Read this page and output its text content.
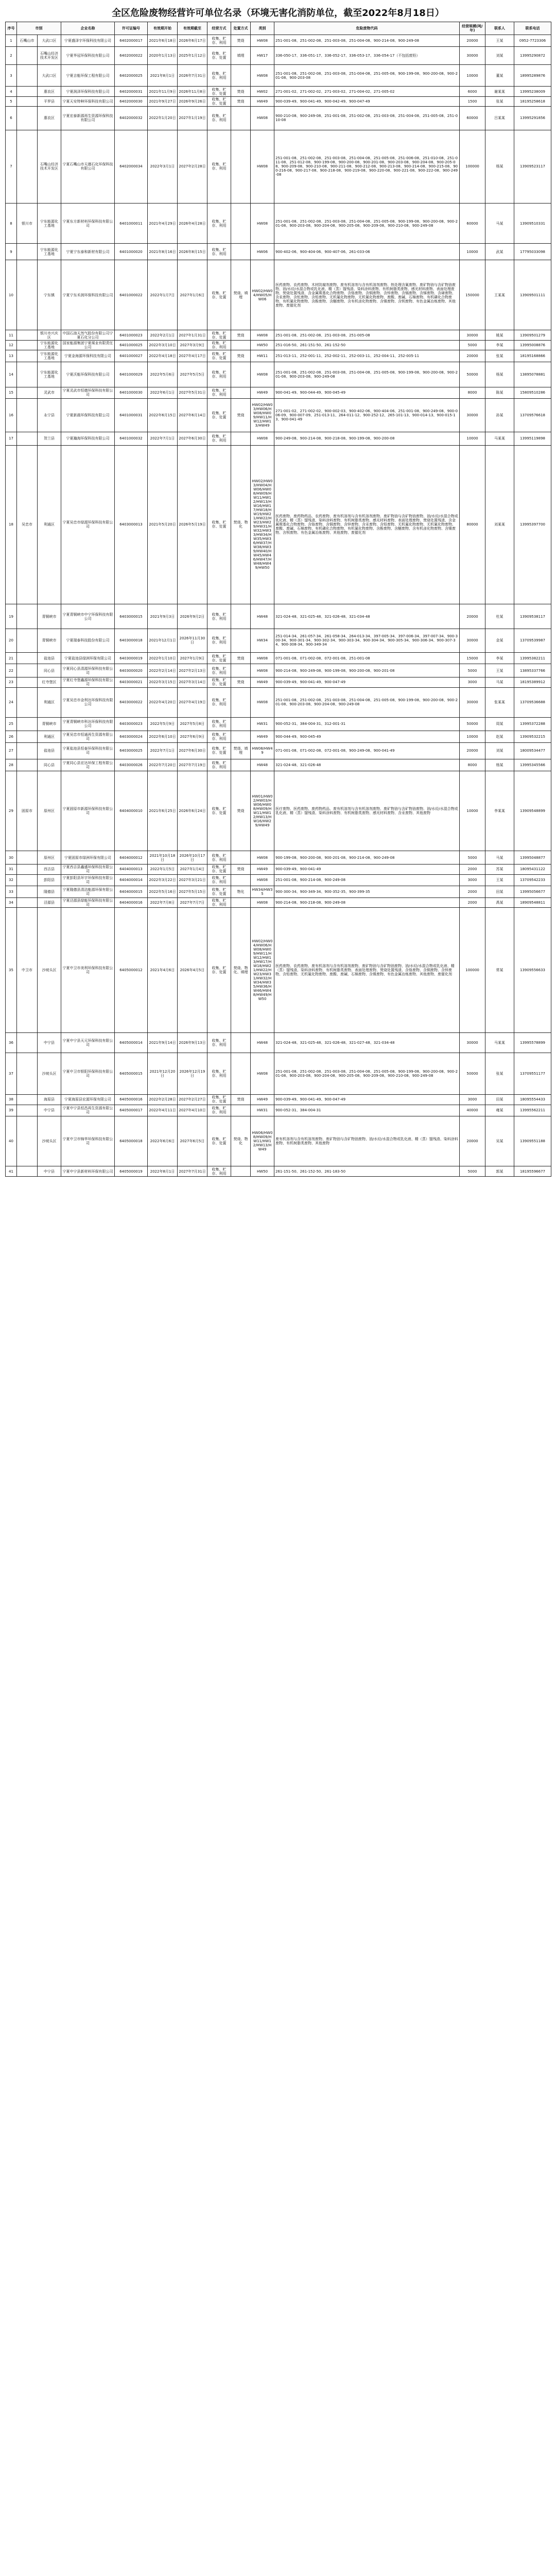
全区危险废物经营许可单位名录（环境无害化消防单位，截至2022年8月18日）
序号	市别		企业名称	许可证编号	有效期开始	有效期截至	经营方式	处置方式	类别	危险废物代码	经营规模(吨/年)	联系人	联系电话
1	石嘴山市	大武口区	宁夏盛泽宇环保科技有限公司	6402000017	2021年6月18日	2026年6月17日	收集、贮存、利用	焚烧	HW08	251-001-08、251-002-08、251-003-08、251-004-08、900-214-08、900-249-08	20000	王某	0952-7723306
2		石嘴山经济技术开发区	宁夏华冠环保科技有限公司	6402000022	2020年1月13日	2025年1月12日	收集、贮存、处置	填埋	HW17	336-050-17、336-051-17、336-052-17、336-053-17、336-054-17（不包括废铅）	30000	刘某	13995290872
3		大武口区	宁夏吉能环保工程有限公司	6402000025	2021年8月1日	2026年7月31日	收集、贮存、利用		HW08	251-001-08、251-002-08、251-003-08、251-004-08、251-005-08、900-199-08、900-200-08、900-201-08、900-203-08	10000	董某	18995289876
4		惠农区	宁夏润泽环保科技有限公司	6402000031	2021年11月9日	2026年11月8日	收集、贮存、处置	焚烧	HW02	271-001-02、271-002-02、271-003-02、271-004-02、271-005-02	6000	谢某某	13995238009
5		平罗县	宁夏天安特种环保科技有限公司	6402000030	2021年9月27日	2026年9月26日	收集、贮存、处置	焚烧	HW49	900-039-49、900-041-49、900-042-49、900-047-49	1500	张某	18195258618
6		惠农区	宁夏宏泰新源再生资源环保科技有限公司	6402000032	2022年1月20日	2027年1月19日	收集、贮存、利用		HW08	900-210-08、900-249-08、251-001-08、251-002-08、251-003-08、251-004-08、251-005-08、251-010-08	60000	吕某某	13995291856
7		石嘴山经济技术开发区	宁夏石嘴山市天德石化环保科技有限公司	6402000034	2022年3月1日	2027年2月28日	收集、贮存、利用		HW08	251-001-08、251-002-08、251-003-08、251-004-08、251-005-08、251-006-08、251-010-08、251-011-08、251-012-08、900-199-08、900-200-08、900-201-08、900-203-08、900-204-08、900-205-08、900-209-08、900-210-08、900-211-08、900-212-08、900-213-08、900-214-08、900-215-08、900-216-08、900-217-08、900-218-08、900-219-08、900-220-08、900-221-08、900-222-08、900-249-08	100000	杨某	13909523117
8	银川市	宁东能源化工基地	宁夏东方新材料环保科技有限公司	6401000011	2021年4月29日	2026年4月28日	收集、贮存、利用		HW08	251-001-08、251-002-08、251-003-08、251-004-08、251-005-08、900-199-08、900-200-08、900-201-08、900-203-08、900-204-08、900-205-08、900-209-08、900-210-08、900-249-08	60000	马某	13909510331
9		宁东能源化工基地	宁夏宁东泰和新材有限公司	6401000020	2021年8月16日	2026年8月15日	收集、贮存、利用		HW06	900-402-06、900-404-06、900-407-06、261-033-06	10000	武某	17795033098
10		宁东镇	宁夏宁东禾润环保科技有限公司	6401000022	2022年1月7日	2027年1月6日	收集、贮存、处置	焚烧、填埋	HW02/HW04/HW05/HW06	医药废物、农药废物、木材防腐剂废物、废有机溶剂与含有机溶剂废物、热处理含氰废物、废矿物油与含矿物油废物、油/水烃/水混合物或乳化液、精（蒸）馏残渣、染料涂料废物、有机树脂类废物、感光材料废物、表面处理废物、焚烧处置残渣、含金属羰基化合物废物、含铬废物、含铜废物、含锌废物、含镉废物、含锑废物、含碲废物、含汞废物、含铊废物、含铅废物、无机氟化物废物、无机氰化物废物、废酸、废碱、石棉废物、有机磷化合物废物、有机氰化物废物、含酚废物、含醚废物、含有机卤化物废物、含镍废物、含钡废物、有色金属冶炼废物、其他废物、废催化剂	150000	王某某	13909501111
11		银川市兴庆区	中国石油天然气股份有限公司宁夏石化分公司	6401000023	2022年2月1日	2027年1月31日	收集、贮存、处置	焚烧	HW08	251-001-08、251-002-08、251-003-08、251-005-08	30000	姚某	13909501279
12		宁东能源化工基地	国家能源集团宁夏煤业有限责任公司	6401000025	2022年3月10日	2027年3月9日	收集、贮存、利用		HW50	251-016-50、261-151-50、261-152-50	5000	李某	13995008876
13		宁东能源化工基地	宁夏金海源环保科技有限公司	6401000027	2022年4月18日	2027年4月17日	收集、贮存、处置	焚烧	HW11	251-013-11、252-001-11、252-002-11、252-003-11、252-004-11、252-005-11	20000	张某	18195168866
14		宁东能源化工基地	宁夏沃能环保科技有限公司	6401000029	2022年5月6日	2027年5月5日	收集、贮存、利用		HW08	251-001-08、251-002-08、251-003-08、251-004-08、251-005-08、900-199-08、900-200-08、900-201-08、900-203-08、900-249-08	50000	杨某	13895078881
15		灵武市	宁夏灵武市恒德环保科技有限公司	6401000030	2022年6月1日	2027年5月31日	收集、贮存、利用		HW49	900-041-49、900-044-49、900-045-49	8000	陈某	15809510286
16		永宁县	宁夏新晨环保科技有限公司	6401000031	2022年6月15日	2027年6月14日	收集、贮存、处置	焚烧	HW02/HW03/HW06/HW08/HW09/HW11/HW12/HW13/HW49	271-001-02、271-002-02、900-002-03、900-402-06、900-404-06、251-001-08、900-249-08、900-006-09、900-007-09、251-013-11、264-011-12、900-252-12、265-101-13、900-014-13、900-015-13、900-041-49	30000	孙某	13709576618
17		贺兰县	宁夏瀚海环保科技有限公司	6401000032	2022年7月1日	2027年6月30日	收集、贮存、利用		HW08	900-249-08、900-214-08、900-218-08、900-199-08、900-200-08	10000	马某某	13995119898
18	吴忠市	利通区	宁夏吴忠市绿源环保科技有限公司	6403000013	2021年5月20日	2026年5月19日	收集、贮存、处置	焚烧、物化	HW02/HW03/HW04/HW06/HW08/HW09/HW11/HW12/HW13/HW16/HW17/HW18/HW19/HW21/HW22/HW23/HW29/HW31/HW32/HW33/HW34/HW35/HW36/HW37/HW38/HW39/HW40/HW45/HW46/HW47/HW48/HW49/HW50	医药废物、废药物药品、农药废物、废有机溶剂与含有机溶剂废物、废矿物油与含矿物油废物、油/水烃/水混合物或乳化液、精（蒸）馏残渣、染料涂料废物、有机树脂类废物、感光材料废物、表面处理废物、焚烧处置残渣、含金属羰基化合物废物、含铬废物、含铜废物、含锌废物、含汞废物、含铅废物、无机氟化物废物、无机氰化物废物、废酸、废碱、石棉废物、有机磷化合物废物、有机氰化物废物、含酚废物、含醚废物、含有机卤化物废物、含镍废物、含钡废物、有色金属冶炼废物、其他废物、废催化剂	80000	刘某某	13995397700
19		青铜峡市	宁夏青铜峡市中宁环保科技有限公司	6403000015	2021年9月3日	2026年9月2日	收集、贮存、利用		HW48	321-024-48、321-025-48、321-026-48、321-034-48	20000	杜某	13909538117
20		青铜峡市	宁夏瑞泰科技股份有限公司	6403000018	2021年12月1日	2026年11月30日	收集、贮存、利用		HW34	251-014-34、261-057-34、261-058-34、264-013-34、397-005-34、397-006-34、397-007-34、900-300-34、900-301-34、900-302-34、900-303-34、900-304-34、900-305-34、900-306-34、900-307-34、900-308-34、900-349-34	30000	金某	13709539987
21		盐池县	宁夏盐池县绿洲环保有限公司	6403000019	2022年1月10日	2027年1月9日	收集、贮存、处置	焚烧	HW08	071-001-08、071-002-08、072-001-08、251-001-08	15000	李某	13995382211
22		同心县	宁夏同心县清源环保科技有限公司	6403000020	2022年2月14日	2027年2月13日	收集、贮存、利用		HW08	900-214-08、900-249-08、900-199-08、900-200-08、900-201-08	5000	王某	13895337766
23		红寺堡区	宁夏红寺堡鑫源环保科技有限公司	6403000021	2022年3月15日	2027年3月14日	收集、贮存、处置	焚烧	HW49	900-039-49、900-041-49、900-047-49	3000	马某	18195389912
24		利通区	宁夏吴忠市金利达环保科技有限公司	6403000022	2022年4月20日	2027年4月19日	收集、贮存、利用		HW08	251-001-08、251-002-08、251-003-08、251-004-08、251-005-08、900-199-08、900-200-08、900-201-08、900-203-08、900-204-08、900-249-08	30000	张某某	13709536688
25		青铜峡市	宁夏青铜峡市科达环保科技有限公司	6403000023	2022年5月9日	2027年5月8日	收集、贮存、利用		HW31	900-052-31、384-004-31、312-001-31	50000	周某	13995372288
26		利通区	宁夏吴忠市恒通再生资源有限公司	6403000024	2022年6月10日	2027年6月9日	收集、贮存、利用		HW49	900-044-49、900-045-49	10000	赵某	13909532215
27		盐池县	宁夏盐池县恒泰环保科技有限公司	6403000025	2022年7月1日	2027年6月30日	收集、贮存、处置	焚烧、填埋	HW08/HW49	071-001-08、071-002-08、072-001-08、900-249-08、900-041-49	20000	刘某	18009534477
28		同心县	宁夏同心县宏达环保工程有限公司	6403000026	2022年7月20日	2027年7月19日	收集、贮存、利用		HW48	321-024-48、321-026-48	8000	杨某	13995345566
29	固原市	原州区	宁夏固原市新源环保科技有限公司	6404000010	2021年6月25日	2026年6月24日	收集、贮存、处置	焚烧	HW01/HW02/HW03/HW06/HW08/HW09/HW11/HW12/HW13/HW16/HW29/HW49	医疗废物、医药废物、废药物药品、废有机溶剂与含有机溶剂废物、废矿物油与含矿物油废物、油/水烃/水混合物或乳化液、精（蒸）馏残渣、染料涂料废物、有机树脂类废物、感光材料废物、含汞废物、其他废物	10000	李某某	13909548899
30		原州区	宁夏固原市绿洲环保有限公司	6404000012	2021年10月18日	2026年10月17日	收集、贮存、利用		HW08	900-199-08、900-200-08、900-201-08、900-214-08、900-249-08	5000	马某	13995048877
31		西吉县	宁夏西吉县鑫盛环保科技有限公司	6404000013	2022年1月5日	2027年1月4日	收集、贮存、处置	焚烧	HW49	900-039-49、900-041-49	2000	苏某	18095431122
32		彭阳县	宁夏彭阳县环宇环保科技有限公司	6404000014	2022年3月22日	2027年3月21日	收集、贮存、利用		HW08	251-001-08、900-214-08、900-249-08	3000	王某	13709542233
33		隆德县	宁夏隆德县清洁能源环保有限公司	6404000015	2022年5月16日	2027年5月15日	收集、贮存、处置	物化	HW34/HW35	900-300-34、900-349-34、900-352-35、900-399-35	2000	田某	13995056677
34		泾源县	宁夏泾源县绿能环保科技有限公司	6404000016	2022年7月8日	2027年7月7日	收集、贮存、利用		HW08	900-214-08、900-218-08、900-249-08	2000	禹某	18909548811
35	中卫市	沙坡头区	宁夏中卫市美利环保科技有限公司	6405000012	2021年4月6日	2026年4月5日	收集、贮存、处置	焚烧、物化、填埋	HW02/HW04/HW06/HW08/HW09/HW11/HW12/HW13/HW17/HW18/HW21/HW22/HW23/HW31/HW32/HW34/HW35/HW36/HW46/HW48/HW49/HW50	医药废物、农药废物、废有机溶剂与含有机溶剂废物、废矿物油与含矿物油废物、油/水烃/水混合物或乳化液、精（蒸）馏残渣、染料涂料废物、有机树脂类废物、表面处理废物、焚烧处置残渣、含铬废物、含铜废物、含锌废物、含铅废物、无机氟化物废物、废酸、废碱、石棉废物、含镍废物、有色金属冶炼废物、其他废物、废催化剂	100000	常某	13909556633
36		中宁县	宁夏中宁县天元环保科技有限公司	6405000014	2021年9月14日	2026年9月13日	收集、贮存、利用		HW48	321-024-48、321-025-48、321-026-48、321-027-48、321-034-48	30000	马某某	13995578899
37		沙坡头区	宁夏中卫市银阳环保科技有限公司	6405000015	2021年12月20日	2026年12月19日	收集、贮存、利用		HW08	251-001-08、251-002-08、251-003-08、251-004-08、251-005-08、900-199-08、900-200-08、900-201-08、900-203-08、900-204-08、900-205-08、900-209-08、900-210-08、900-249-08	50000	张某	13709551177
38		海原县	宁夏海原县宏源环保有限公司	6405000016	2022年2月28日	2027年2月27日	收集、贮存、处置	焚烧	HW49	900-039-49、900-041-49、900-047-49	3000	田某	18095554433
39		中宁县	宁夏中宁县恒昌再生资源有限公司	6405000017	2022年4月11日	2027年4月10日	收集、贮存、利用		HW31	900-052-31、384-004-31	40000	雍某	13995562211
40		沙坡头区	宁夏中卫市锦华环保科技有限公司	6405000018	2022年6月6日	2027年6月5日	收集、贮存、处置	焚烧、物化	HW06/HW08/HW09/HW11/HW12/HW13/HW49	废有机溶剂与含有机溶剂废物、废矿物油与含矿物油废物、油/水烃/水混合物或乳化液、精（蒸）馏残渣、染料涂料废物、有机树脂类废物、其他废物	20000	吴某	13909551188
41		中宁县	宁夏中宁县新材料环保有限公司	6405000019	2022年8月1日	2027年7月31日	收集、贮存、利用		HW50	261-151-50、261-152-50、261-183-50	5000	郭某	18195596677
